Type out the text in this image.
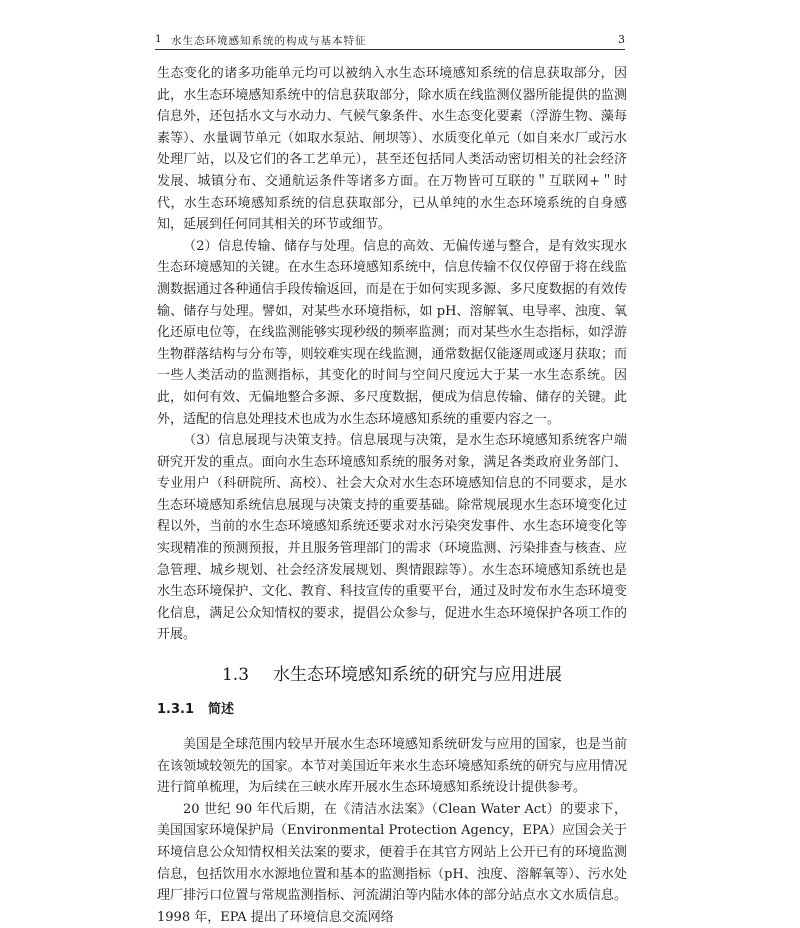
1 水生态环境感知系统的构成与基本特征	3

生态变化的诸多功能单元均可以被纳入水生态环境感知系统的信息获取部分，因此，水生态环境感知系统中的信息获取部分，除水质在线监测仪器所能提供的监测信息外，还包括水文与水动力、气候气象条件、水生态变化要素（浮游生物、藻每素等）、水量调节单元（如取水泵站、闸坝等）、水质变化单元（如自来水厂或污水处理厂站，以及它们的各工艺单元），甚至还包括同人类活动密切相关的社会经济发展、城镇分布、交通航运条件等诸多方面。在万物皆可互联的＂互联网+＂时代，水生态环境感知系统的信息获取部分，已从单纯的水生态环境系统的自身感知，延展到任何同其相关的环节或细节。

（2）信息传输、储存与处理。信息的高效、无偏传递与整合，是有效实现水生态环境感知的关键。在水生态环境感知系统中，信息传输不仅仅停留于将在线监测数据通过各种通信手段传输返回，而是在于如何实现多源、多尺度数据的有效传输、储存与处理。譬如，对某些水环境指标，如 pH、溶解氧、电导率、浊度、氧化还原电位等，在线监测能够实现秒级的频率监测；而对某些水生态指标，如浮游生物群落结构与分布等，则较难实现在线监测，通常数据仅能逐周或逐月获取；而一些人类活动的监测指标，其变化的时间与空间尺度远大于某一水生态系统。因此，如何有效、无偏地整合多源、多尺度数据，便成为信息传输、储存的关键。此外，适配的信息处理技术也成为水生态环境感知系统的重要内容之一。

（3）信息展现与决策支持。信息展现与决策，是水生态环境感知系统客户端研究开发的重点。面向水生态环境感知系统的服务对象，满足各类政府业务部门、专业用户（科研院所、高校）、社会大众对水生态环境感知信息的不同要求，是水生态环境感知系统信息展现与决策支持的重要基础。除常规展现水生态环境变化过程以外，当前的水生态环境感知系统还要求对水污染突发事件、水生态环境变化等实现精准的预测预报，并且服务管理部门的需求（环境监测、污染排查与核查、应急管理、城乡规划、社会经济发展规划、舆情跟踪等）。水生态环境感知系统也是水生态环境保护、文化、教育、科技宣传的重要平台，通过及时发布水生态环境变化信息，满足公众知情权的要求，提倡公众参与，促进水生态环境保护各项工作的开展。

1.3 水生态环境感知系统的研究与应用进展
1.3.1 简述

美国是全球范围内较早开展水生态环境感知系统研发与应用的国家，也是当前在该领域较领先的国家。本节对美国近年来水生态环境感知系统的研究与应用情况进行简单梳理，为后续在三峡水库开展水生态环境感知系统设计提供参考。

20 世纪 90 年代后期，在《清洁水法案》（Clean Water Act）的要求下，美国国家环境保护局（Environmental Protection Agency，EPA）应国会关于环境信息公众知情权相关法案的要求，便着手在其官方网站上公开已有的环境监测信息，包括饮用水水源地位置和基本的监测指标（pH、浊度、溶解氧等）、污水处理厂排污口位置与常规监测指标、河流湖泊等内陆水体的部分站点水文水质信息。1998 年，EPA 提出了环境信息交流网络
